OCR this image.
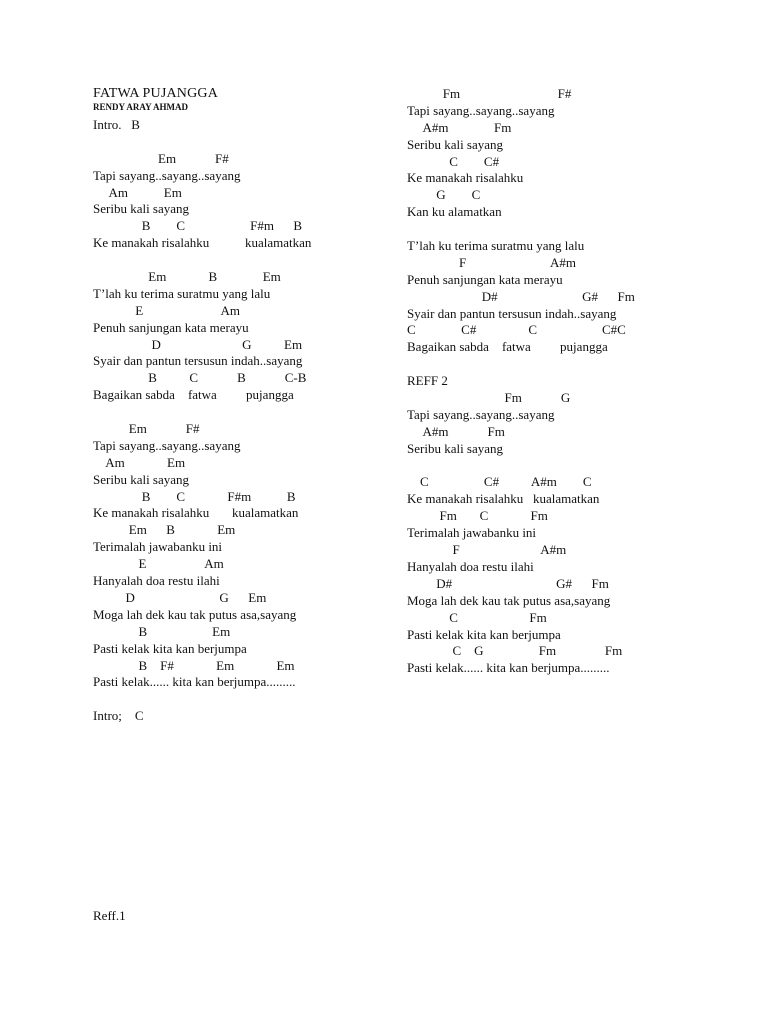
FATWA PUJANGGA
RENDY ARAY AHMAD
Intro.   B
Em            F#
Tapi sayang..sayang..sayang
Am           Em
Seribu kali sayang
B        C                    F#m      B
Ke manakah risalahku           kualamatkan
Em             B              Em
T’lah ku terima suratmu yang lalu
E                        Am
Penuh sanjungan kata merayu
D                         G          Em
Syair dan pantun tersusun indah..sayang
B          C            B            C-B
Bagaikan sabda    fatwa         pujangga
Em            F#
Tapi sayang..sayang..sayang
Am             Em
Seribu kali sayang
B        C             F#m           B
Ke manakah risalahku       kualamatkan
Em      B             Em
Terimalah jawabanku ini
E                  Am
Hanyalah doa restu ilahi
D                          G      Em
Moga lah dek kau tak putus asa,sayang
B                    Em
Pasti kelak kita kan berjumpa
B    F#             Em             Em
Pasti kelak...... kita kan berjumpa.........
Intro;    C
Fm                              F#
Tapi sayang..sayang..sayang
A#m              Fm
Seribu kali sayang
C        C#
Ke manakah risalahku
G        C
Kan ku alamatkan
T’lah ku terima suratmu yang lalu
F                          A#m
Penuh sanjungan kata merayu
D#                          G#      Fm
Syair dan pantun tersusun indah..sayang
C              C#                C                    C#C
Bagaikan sabda    fatwa         pujangga
REFF 2
Fm            G
Tapi sayang..sayang..sayang
A#m            Fm
Seribu kali sayang
C                 C#          A#m        C
Ke manakah risalahku   kualamatkan
Fm       C             Fm
Terimalah jawabanku ini
F                         A#m
Hanyalah doa restu ilahi
D#                                G#      Fm
Moga lah dek kau tak putus asa,sayang
C                      Fm
Pasti kelak kita kan berjumpa
C    G                 Fm               Fm
Pasti kelak...... kita kan berjumpa.........
Reff.1
